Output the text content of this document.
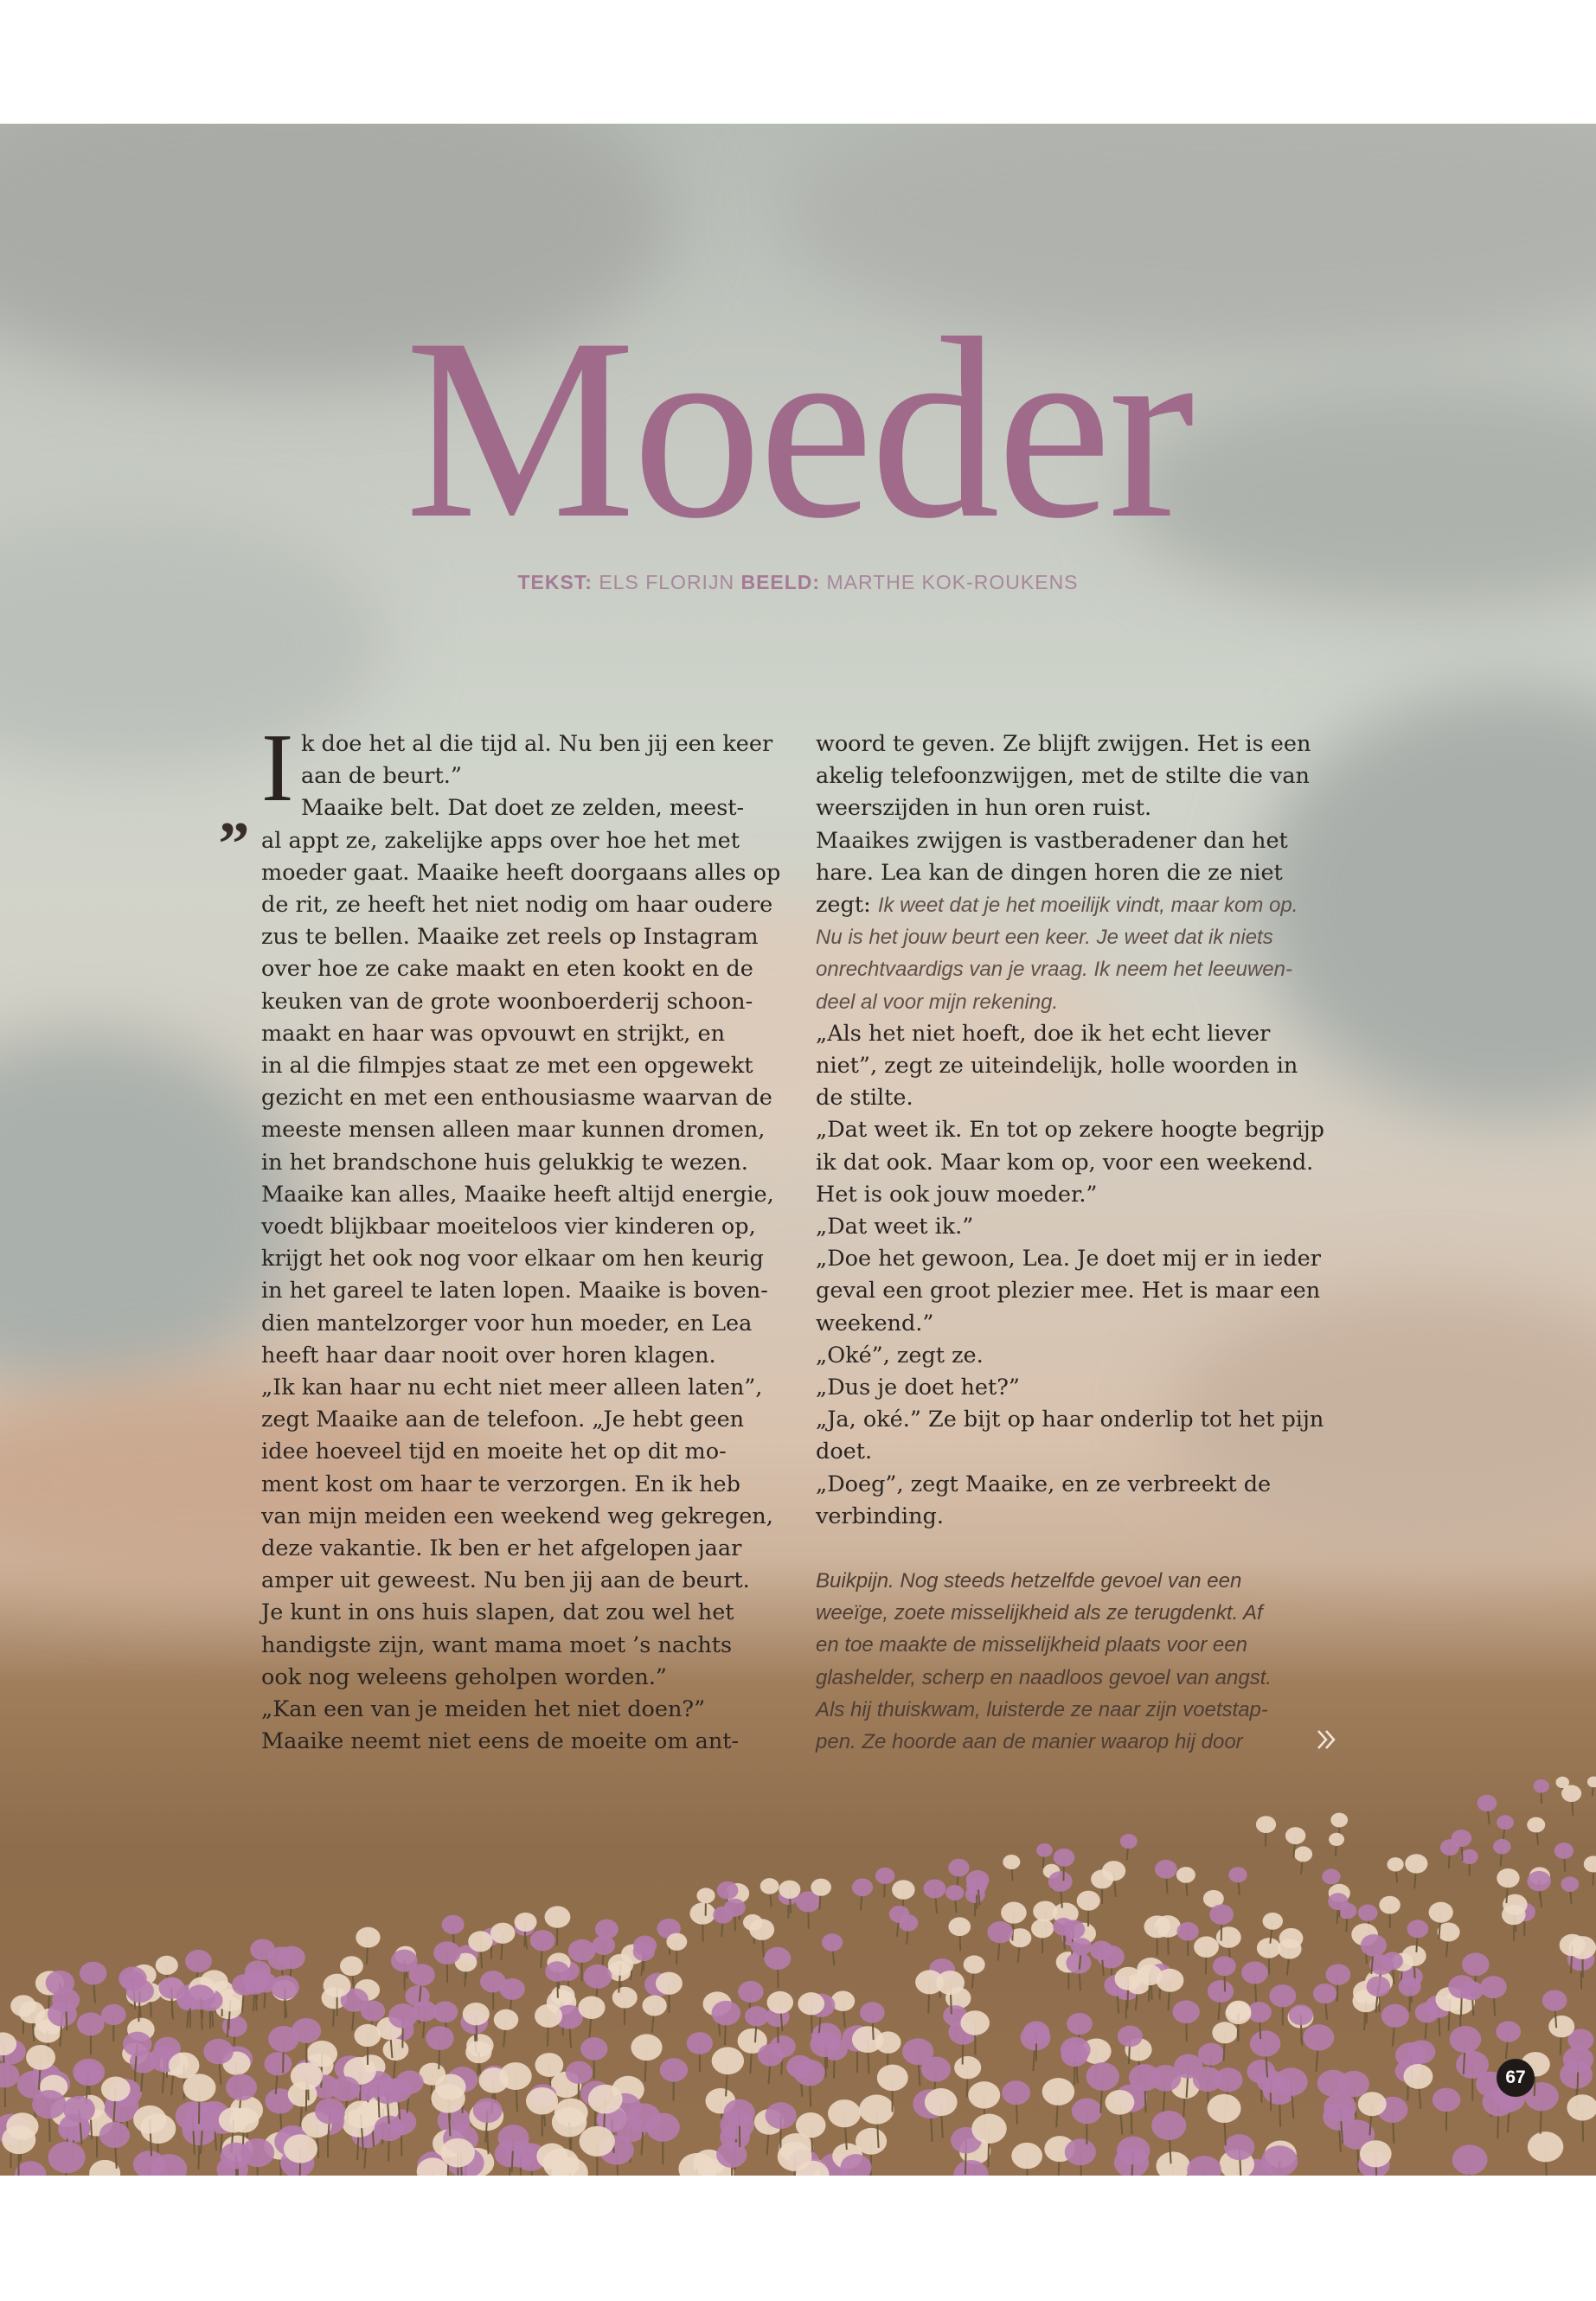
Moeder
TEKST: ELS FLORIJN BEELD: MARTHE KOK-ROUKENS
„ I k doe het al die tijd al. Nu ben jij een keer
aan de beurt.”
Maaike belt. Dat doet ze zelden, meest-
al appt ze, zakelijke apps over hoe het met
moeder gaat. Maaike heeft doorgaans alles op
de rit, ze heeft het niet nodig om haar oudere
zus te bellen. Maaike zet reels op Instagram
over hoe ze cake maakt en eten kookt en de
keuken van de grote woonboerderij schoon-
maakt en haar was opvouwt en strijkt, en
in al die filmpjes staat ze met een opgewekt
gezicht en met een enthousiasme waarvan de
meeste mensen alleen maar kunnen dromen,
in het brandschone huis gelukkig te wezen.
Maaike kan alles, Maaike heeft altijd energie,
voedt blijkbaar moeiteloos vier kinderen op,
krijgt het ook nog voor elkaar om hen keurig
in het gareel te laten lopen. Maaike is boven-
dien mantelzorger voor hun moeder, en Lea
heeft haar daar nooit over horen klagen.
„Ik kan haar nu echt niet meer alleen laten”,
zegt Maaike aan de telefoon. „Je hebt geen
idee hoeveel tijd en moeite het op dit mo-
ment kost om haar te verzorgen. En ik heb
van mijn meiden een weekend weg gekregen,
deze vakantie. Ik ben er het afgelopen jaar
amper uit geweest. Nu ben jij aan de beurt.
Je kunt in ons huis slapen, dat zou wel het
handigste zijn, want mama moet ’s nachts
ook nog weleens geholpen worden.”
„Kan een van je meiden het niet doen?”
Maaike neemt niet eens de moeite om ant-
woord te geven. Ze blijft zwijgen. Het is een
akelig telefoonzwijgen, met de stilte die van
weerszijden in hun oren ruist.
Maaikes zwijgen is vastberadener dan het
hare. Lea kan de dingen horen die ze niet
zegt: Ik weet dat je het moeilijk vindt, maar kom op.
Nu is het jouw beurt een keer. Je weet dat ik niets
onrechtvaardigs van je vraag. Ik neem het leeuwen-
deel al voor mijn rekening.
„Als het niet hoeft, doe ik het echt liever
niet”, zegt ze uiteindelijk, holle woorden in
de stilte.
„Dat weet ik. En tot op zekere hoogte begrijp
ik dat ook. Maar kom op, voor een weekend.
Het is ook jouw moeder.”
„Dat weet ik.”
„Doe het gewoon, Lea. Je doet mij er in ieder
geval een groot plezier mee. Het is maar een
weekend.”
„Oké”, zegt ze.
„Dus je doet het?”
„Ja, oké.” Ze bijt op haar onderlip tot het pijn
doet.
„Doeg”, zegt Maaike, en ze verbreekt de
verbinding.
Buikpijn. Nog steeds hetzelfde gevoel van een
weeïge, zoete misselijkheid als ze terugdenkt. Af
en toe maakte de misselijkheid plaats voor een
glashelder, scherp en naadloos gevoel van angst.
Als hij thuiskwam, luisterde ze naar zijn voetstap-
pen. Ze hoorde aan de manier waarop hij door
67
